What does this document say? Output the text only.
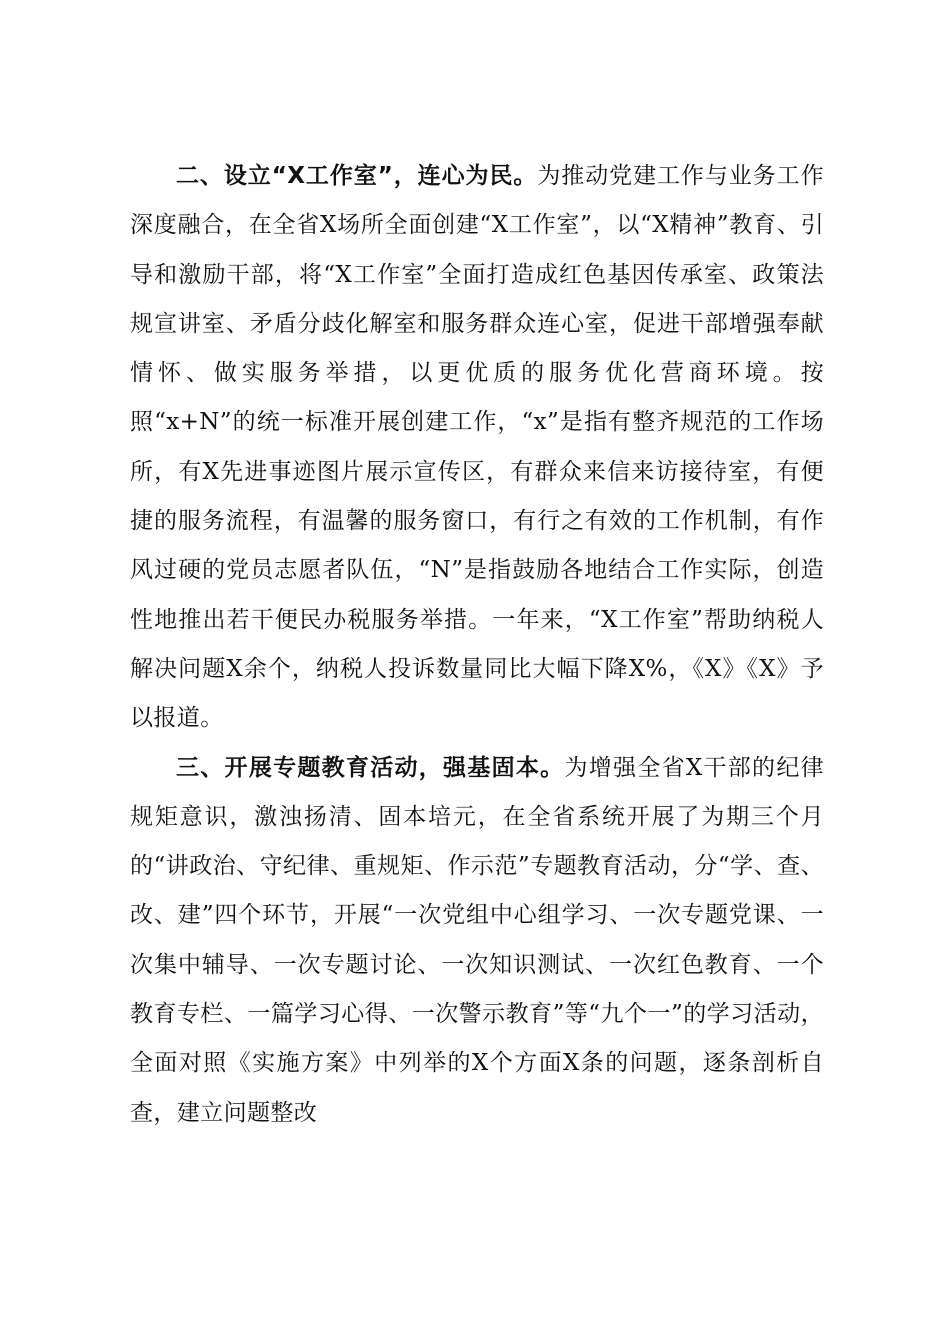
二、设立“X工作室”，连心为民。为推动党建工作与业务工作深度融合，在全省X场所全面创建“X工作室”，以“X精神”教育、引导和激励干部，将“X工作室”全面打造成红色基因传承室、政策法规宣讲室、矛盾分歧化解室和服务群众连心室，促进干部增强奉献情怀、做实服务举措，以更优质的服务优化营商环境。按照“x+N”的统一标准开展创建工作，“x”是指有整齐规范的工作场所，有X先进事迹图片展示宣传区，有群众来信来访接待室，有便捷的服务流程，有温馨的服务窗口，有行之有效的工作机制，有作风过硬的党员志愿者队伍，“N”是指鼓励各地结合工作实际，创造性地推出若干便民办税服务举措。一年来，“X工作室”帮助纳税人解决问题X余个，纳税人投诉数量同比大幅下降X%，《X》《X》予以报道。

三、开展专题教育活动，强基固本。为增强全省X干部的纪律规矩意识，激浊扬清、固本培元，在全省系统开展了为期三个月的“讲政治、守纪律、重规矩、作示范”专题教育活动，分“学、查、改、建”四个环节，开展“一次党组中心组学习、一次专题党课、一次集中辅导、一次专题讨论、一次知识测试、一次红色教育、一个教育专栏、一篇学习心得、一次警示教育”等“九个一”的学习活动，全面对照《实施方案》中列举的X个方面X条的问题，逐条剖析自查，建立问题整改
